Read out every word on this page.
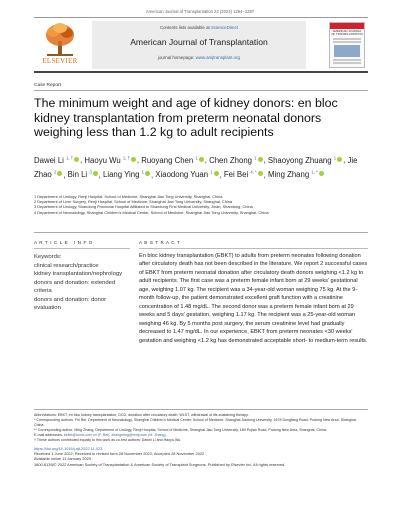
American Journal of Transplantation 23 (2023) 1284–1287
ELSEVIER
Contents lists available at ScienceDirect
American Journal of Transplantation
journal homepage: www.amjtransplant.org
AMERICAN JOURNAL OF TRANSPLANTATION
Case Report
The minimum weight and age of kidney donors: en bloc kidney transplantation from preterm neonatal donors weighing less than 1.2 kg to adult recipients
Dawei Li $^{1, \dagger}$ , Haoyu Wu $^{1, \dagger}$ , Ruoyang Chen $^1$ , Chen Zhong $^1$ , Shaoyong Zhuang $^1$ , Jie Zhao $^2$ , Bin Li $^3$ , Liang Ying $^1$ , Xiaodong Yuan $^1$ , Fei Bei $^{4, *}$ , Ming Zhang $^{1, *}$
1 Department of Urology, Renji Hospital, School of Medicine, Shanghai Jiao Tong University, Shanghai, China
2 Department of Liver Surgery, Renji Hospital, School of Medicine, Shanghai Jiao Tong University, Shanghai, China
3 Department of Urology, Shandong Provincial Hospital Affiliated to Shandong First Medical University, Jinan, Shandong, China
4 Department of Neonatology, Shanghai Children's Medical Center, School of Medicine, Shanghai Jiao Tong University, Shanghai, China
A R T I C L E   I N F O	A B S T R A C T
Keywords:
clinical research/practice
kidney transplantation/nephrology
donors and donation: extended criteria
donors and donation: donor evaluation

En bloc kidney transplantation (EBKT) to adults from preterm neonates following donation after circulatory death has not been described in the literature. We report 2 successful cases of EBKT from preterm neonatal donation after circulatory death donors weighing <1.2 kg to adult recipients. The first case was a preterm female infant born at 29 weeks' gestational age, weighing 1.07 kg. The recipient was a 34-year-old woman weighing 75 kg. At the 9-month follow-up, the patient demonstrated excellent graft function with a creatinine concentration of 1.48 mg/dL. The second donor was a preterm female infant born at 29 weeks and 5 days' gestation, weighing 1.17 kg. The recipient was a 25-year-old woman weighing 46 kg. By 5 months post surgery, the serum creatinine level had gradually decreased to 1.47 mg/dL. In our experience, EBKT from preterm neonates <30 weeks' gestation and weighing <1.2 kg has demonstrated acceptable short- to medium-term results.

Abbreviations: EBKT, en bloc kidney transplantation; DCD, donation after circulatory death; WLST, withdrawal of life-sustaining therapy.
* Corresponding authors. Fei Bei, Department of Neonatology, Shanghai Children's Medical Center, School of Medicine, Shanghai Jiaotong University, 1678 Dongfang Road, Pudong New Area, Shanghai, China.
** Corresponding author. Ming Zhang, Department of Urology, Renji Hospital, School of Medicine, Shanghai Jiao Tong University, 160 Pujian Road, Pudong New Area, Shanghai, China.
E-mail addresses: beifei@scmc.com.cn (F. Bei), zhangming@renji.com (M. Zhang).
† These authors contributed equally to this work as co-first authors: Dawei Li and Haoyu Wu.
https://doi.org/10.1016/j.ajt.2022.11.023
Received 1 June 2022; Received in revised form 28 November 2022; Accepted 28 November 2022
Available online 11 January 2023
1600-6135/© 2022 American Society of Transplantation & American Society of Transplant Surgeons. Published by Elsevier Inc. All rights reserved.
